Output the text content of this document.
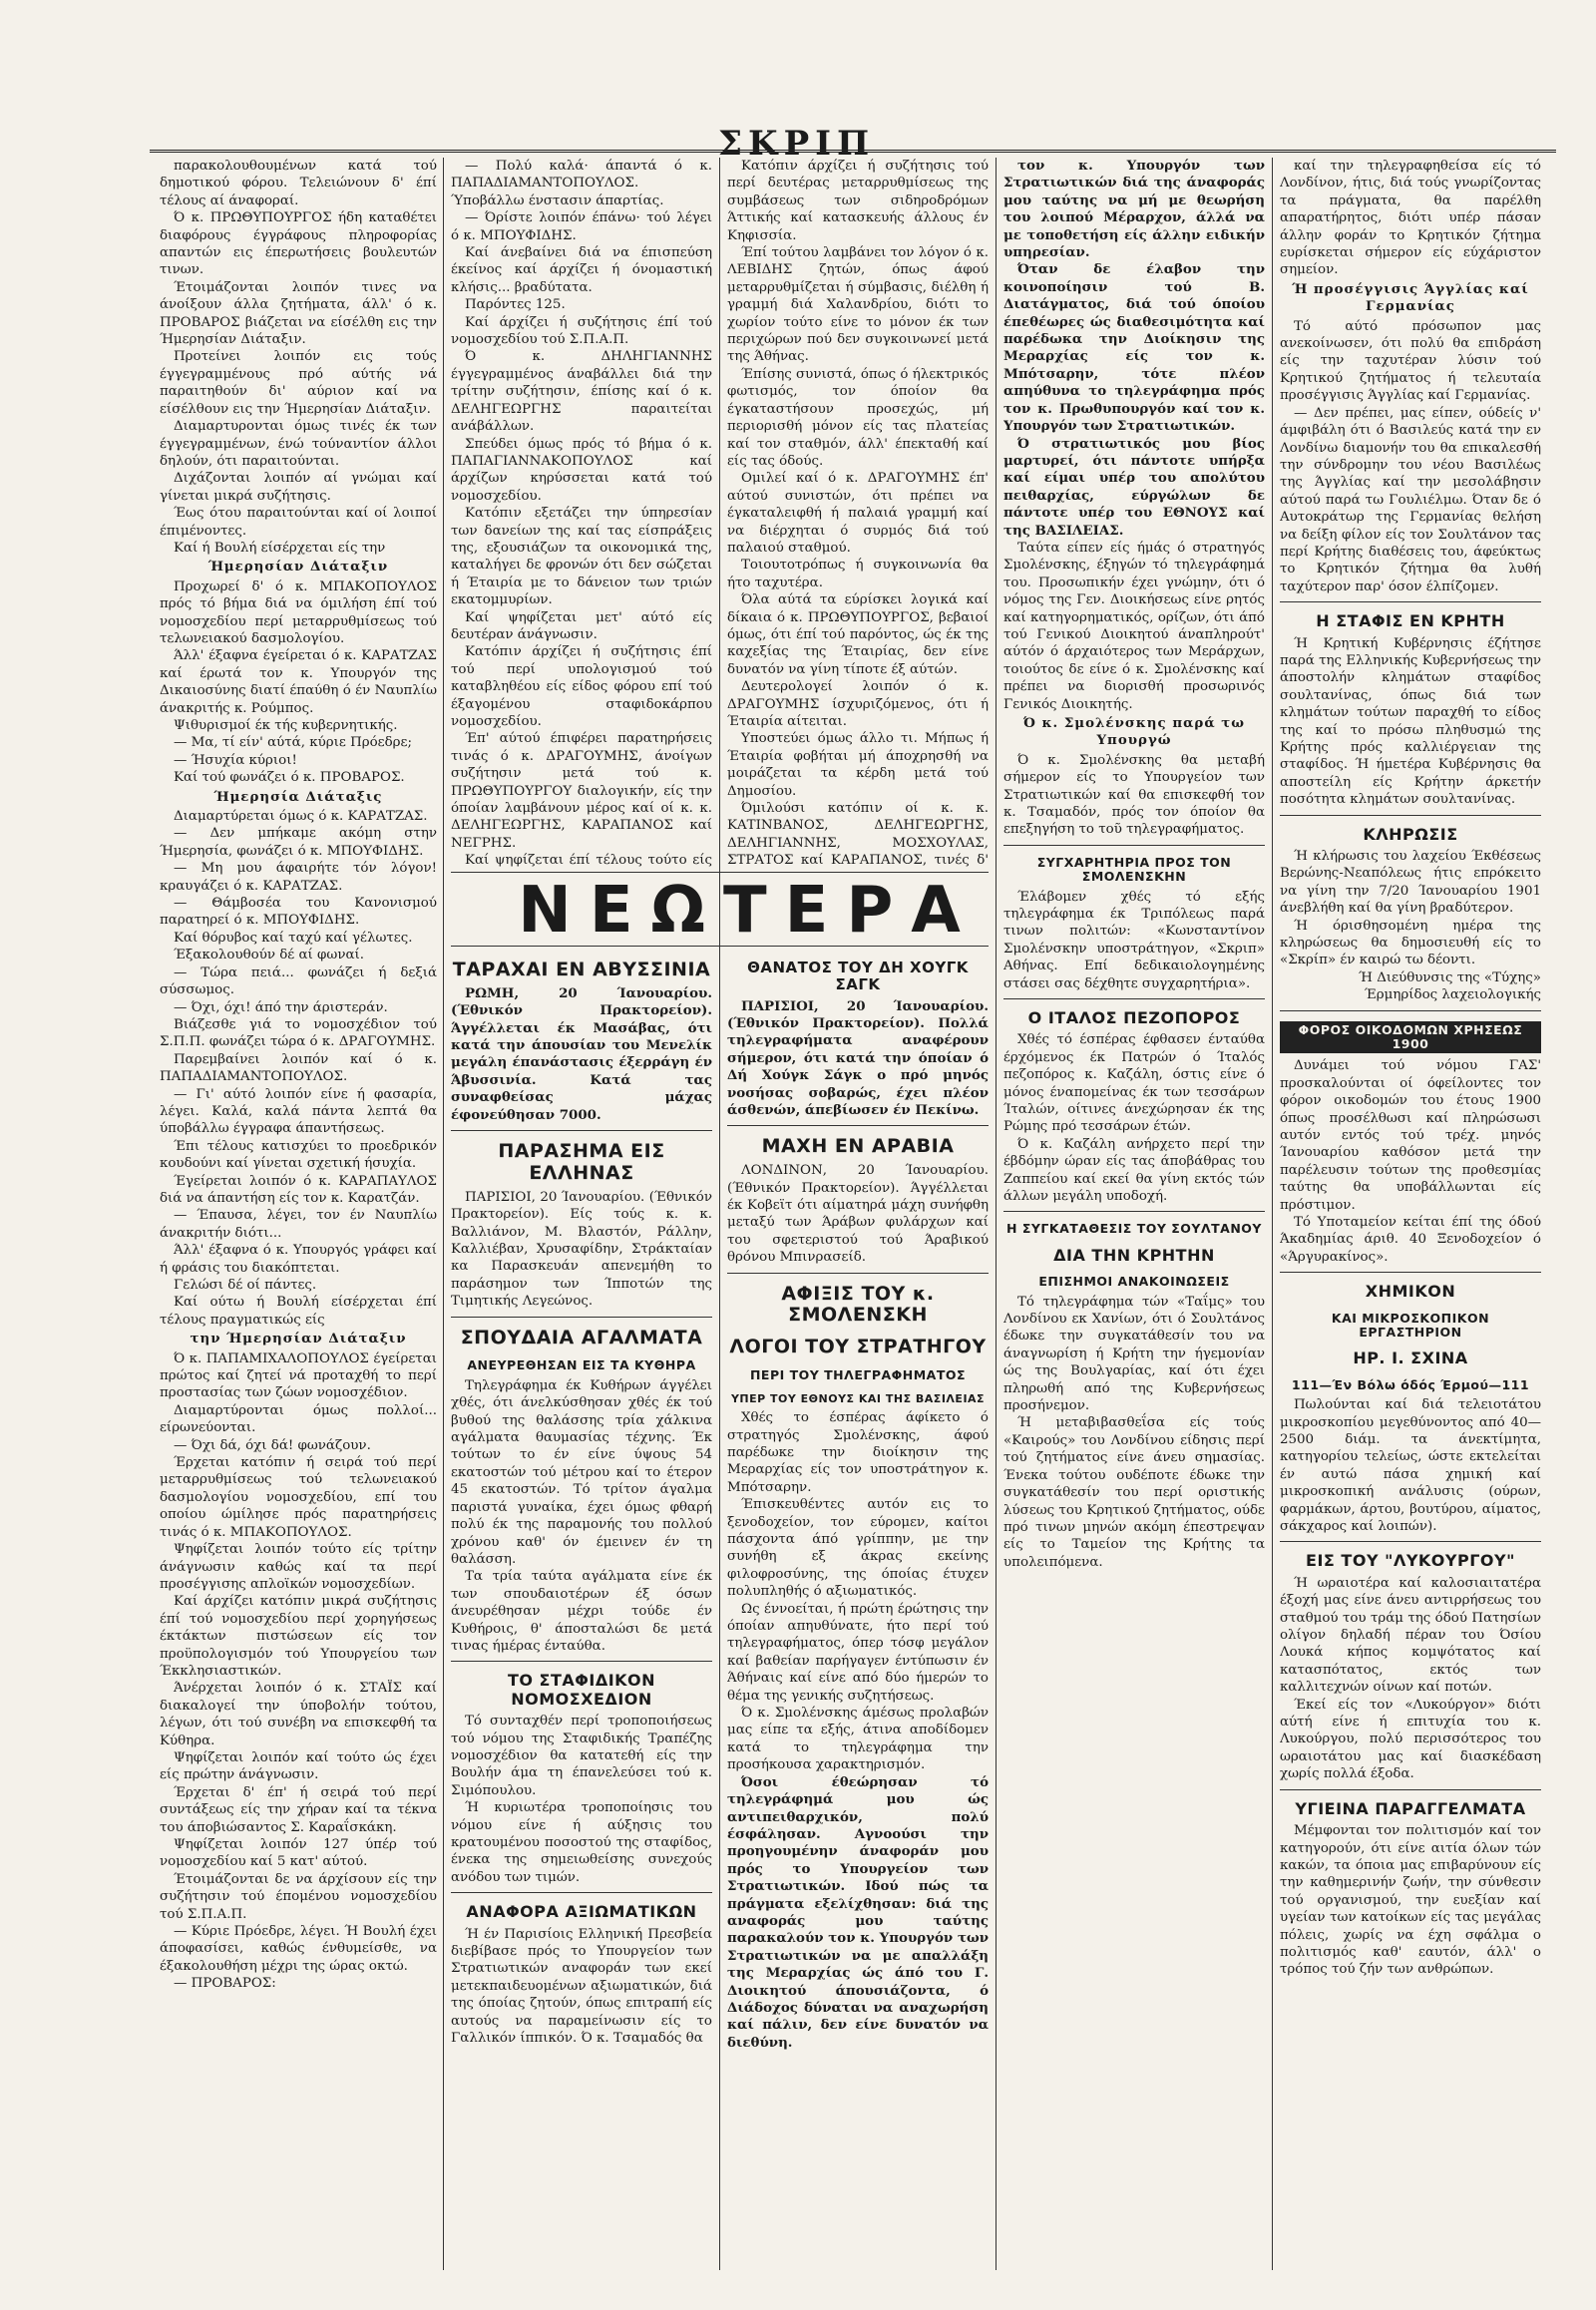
ΣΚΡΙΠ

παρακολουθουμένων κατά τού δημοτικού φόρου. Τελειώνουν δ' έπί τέλους αί άναφοραί.

Ό κ. ΠΡΩΘΥΠΟΥΡΓΟΣ ήδη καταθέτει διαφόρους έγγράφους πληροφορίας απαντών εις έπερωτήσεις βουλευτών τινων.

Έτοιμάζονται λοιπόν τινες να άνοίξουν άλλα ζητήματα, άλλ' ό κ. ΠΡΟΒΑΡΟΣ βιάζεται να είσέλθη εις την Ήμερησίαν Διάταξιν.

Προτείνει λοιπόν εις τούς έγγεγραμμένους πρό αύτής νά παραιτηθούν δι' αύριον καί να είσέλθουν εις την Ήμερησίαν Διάταξιν.

Διαμαρτυρονται όμως τινές έκ των έγγεγραμμένων, ένώ τούναντίον άλλοι δηλούν, ότι παραιτούνται.

Διχάζονται λοιπόν αί γνώμαι καί γίνεται μικρά συζήτησις.

Έως ότου παραιτούνται καί οί λοιποί έπιμένοντες.

Καί ή Βουλή είσέρχεται είς την

Ήμερησίαν Διάταξιν

Προχωρεί δ' ό κ. ΜΠΑΚΟΠΟΥΛΟΣ πρός τό βήμα διά να όμιλήση έπί τού νομοσχεδίου περί μεταρρυθμίσεως τού τελωνειακού δασμολογίου.

Άλλ' έξαφνα έγείρεται ό κ. ΚΑΡΑΤΖΑΣ καί έρωτά τον κ. Υπουργόν της Δικαιοσύνης διατί έπαύθη ό έν Ναυπλίω άνακριτής κ. Ρούμπος.

Ψιθυρισμοί έκ τής κυβερνητικής.

— Μα, τί είν' αύτά, κύριε Πρόεδρε;

— Ήσυχία κύριοι!

Καί τού φωνάζει ό κ. ΠΡΟΒΑΡΟΣ.

Ήμερησία Διάταξις

Διαμαρτύρεται όμως ό κ. ΚΑΡΑΤΖΑΣ.

— Δεν μπήκαμε ακόμη στην Ήμερησία, φωνάζει ό κ. ΜΠΟΥΦΙΔΗΣ.

— Μη μου άφαιρήτε τόν λόγον! κραυγάζει ό κ. ΚΑΡΑΤΖΑΣ.

— Θάμβοσέα του Κανονισμού παρατηρεί ό κ. ΜΠΟΥΦΙΔΗΣ.

Καί θόρυβος καί ταχύ καί γέλωτες.

Έξακολουθούν δέ αί φωναί.

— Τώρα πειά... φωνάζει ή δεξιά σύσσωμος.

— Όχι, όχι! άπό την άριστεράν.

Βιάζεσθε γιά το νομοσχέδιον τού Σ.Π.Π. φωνάζει τώρα ό κ. ΔΡΑΓΟΥΜΗΣ.

Παρεμβαίνει λοιπόν καί ό κ. ΠΑΠΑΔΙΑΜΑΝΤΟΠΟΥΛΟΣ.

— Γι' αύτό λοιπόν είνε ή φασαρία, λέγει. Καλά, καλά πάντα λεπτά θα ύποβάλλω έγγραφα άπαντήσεως.

Έπι τέλους κατισχύει το προεδρικόν κουδούνι καί γίνεται σχετική ήσυχία.

Έγείρεται λοιπόν ό κ. ΚΑΡΑΠΑΥΛΟΣ διά να άπαντήση είς τον κ. Καρατζάν.

— Έπαυσα, λέγει, τον έν Ναυπλίω άνακριτήν διότι...

Άλλ' έξαφνα ό κ. Υπουργός γράφει καί ή φράσις του διακόπτεται.

Γελώσι δέ οί πάντες.

Καί ούτω ή Βουλή είσέρχεται έπί τέλους πραγματικώς είς

την Ήμερησίαν Διάταξιν

Ό κ. ΠΑΠΑΜΙΧΑΛΟΠΟΥΛΟΣ έγείρεται πρώτος καί ζητεί νά προταχθή το περί προστασίας των ζώων νομοσχέδιον.

Διαμαρτύρονται όμως πολλοί... είρωνεύονται.

— Όχι δά, όχι δά! φωνάζουν.

Έρχεται κατόπιν ή σειρά τού περί μεταρρυθμίσεως τού τελωνειακού δασμολογίου νομοσχεδίου, επί του οποίου ώμίλησε πρός παρατηρήσεις τινάς ό κ. ΜΠΑΚΟΠΟΥΛΟΣ.

Ψηφίζεται λοιπόν τούτο είς τρίτην άνάγνωσιν καθώς καί τα περί προσέγγισης απλοϊκών νομοσχεδίων.

Καί άρχίζει κατόπιν μικρά συζήτησις έπί τού νομοσχεδίου περί χορηγήσεως έκτάκτων πιστώσεων είς τον προϋπολογισμόν τού Υπουργείου των Έκκλησιαστικών.

Άνέρχεται λοιπόν ό κ. ΣΤΑΪΣ καί διακαλογεί την ύποβολήν τούτου, λέγων, ότι τού συνέβη να επισκεφθή τα Κύθηρα.

Ψηφίζεται λοιπόν καί τούτο ώς έχει είς πρώτην άνάγνωσιν.

Έρχεται δ' έπ' ή σειρά τού περί συντάξεως είς την χήραν καί τα τέκνα του άποβιώσαντος Σ. Καραΐσκάκη.

Ψηφίζεται λοιπόν 127 ύπέρ τού νομοσχεδίου καί 5 κατ' αύτού.

Έτοιμάζονται δε να άρχίσουν είς την συζήτησιν τού έπομένου νομοσχεδίου τού Σ.Π.Α.Π.

— Κύριε Πρόεδρε, λέγει. Ή Βουλή έχει άποφασίσει, καθώς ένθυμείσθε, να έξακολουθήση μέχρι της ώρας οκτώ.

— ΠΡΟΒΑΡΟΣ:

— Πολύ καλά· άπαντά ό κ. ΠΑΠΑΔΙΑΜΑΝΤΟΠΟΥΛΟΣ. Ύποβάλλω ένστασιν άπαρτίας.

— Όρίστε λοιπόν έπάνω· τού λέγει ό κ. ΜΠΟΥΦΙΔΗΣ.

Καί άνεβαίνει διά να έπισπεύση έκείνος καί άρχίζει ή όνομαστική κλήσις... βραδύτατα.

Παρόντες 125.

Καί άρχίζει ή συζήτησις έπί τού νομοσχεδίου τού Σ.Π.Α.Π.

Ό κ. ΔΗΛΗΓΙΑΝΝΗΣ έγγεγραμμένος άναβάλλει διά την τρίτην συζήτησιν, έπίσης καί ό κ. ΔΕΛΗΓΕΩΡΓΗΣ παραιτείται ανάβάλλων.

Σπεύδει όμως πρός τό βήμα ό κ. ΠΑΠΑΓΙΑΝΝΑΚΟΠΟΥΛΟΣ καί άρχίζων κηρύσσεται κατά τού νομοσχεδίου.

Κατόπιν εξετάζει την ύπηρεσίαν των δανείων της καί τας είσπράξεις της, εξουσιάζων τα οικονομικά της, καταλήγει δε φρονών ότι δεν σώζεται ή Έταιρία με το δάνειον των τριών εκατομμυρίων.

Καί ψηφίζεται μετ' αύτό είς δευτέραν άνάγνωσιν.

Κατόπιν άρχίζει ή συζήτησις έπί τού περί υπολογισμού τού καταβληθέου είς είδος φόρου επί τού έξαγομένου σταφιδοκάρπου νομοσχεδίου.

Έπ' αύτού έπιφέρει παρατηρήσεις τινάς ό κ. ΔΡΑΓΟΥΜΗΣ, άνοίγων συζήτησιν μετά τού κ. ΠΡΩΘΥΠΟΥΡΓΟΥ διαλογικήν, είς την όποίαν λαμβάνουν μέρος καί οί κ. κ. ΔΕΛΗΓΕΩΡΓΗΣ, ΚΑΡΑΠΑΝΟΣ καί ΝΕΓΡΗΣ.

Καί ψηφίζεται έπί τέλους τούτο είς

Κατόπιν άρχίζει ή συζήτησις τού περί δευτέρας μεταρρυθμίσεως της συμβάσεως των σιδηροδρόμων Άττικής καί κατασκευής άλλους έν Κηφισσία.

Έπί τούτου λαμβάνει τον λόγον ό κ. ΛΕΒΙΔΗΣ ζητών, όπως άφού μεταρρυθμίζεται ή σύμβασις, διέλθη ή γραμμή διά Χαλανδρίου, διότι το χωρίον τούτο είνε το μόνον έκ των περιχώρων πού δεν συγκοινωνεί μετά της Άθήνας.

Έπίσης συνιστά, όπως ό ήλεκτρικός φωτισμός, τον όποίον θα έγκαταστήσουν προσεχώς, μή περιορισθή μόνον είς τας πλατείας καί τον σταθμόν, άλλ' έπεκταθή καί είς τας όδούς.

Ομιλεί καί ό κ. ΔΡΑΓΟΥΜΗΣ έπ' αύτού συνιστών, ότι πρέπει να έγκαταλειφθή ή παλαιά γραμμή καί να διέρχηται ό συρμός διά τού παλαιού σταθμού.

Τοιουτοτρόπως ή συγκοινωνία θα ήτο ταχυτέρα.

Όλα αύτά τα εύρίσκει λογικά καί δίκαια ό κ. ΠΡΩΘΥΠΟΥΡΓΟΣ, βεβαιοί όμως, ότι έπί τού παρόντος, ώς έκ της καχεξίας της Έταιρίας, δεν είνε δυνατόν να γίνη τίποτε έξ αύτών.

Δευτερολογεί λοιπόν ό κ. ΔΡΑΓΟΥΜΗΣ ίσχυριζόμενος, ότι ή Έταιρία αίτειται.

Υποστεύει όμως άλλο τι. Μήπως ή Έταιρία φοβήται μή άποχρησθή να μοιράζεται τα κέρδη μετά τού Δημοσίου.

Όμιλούσι κατόπιν οί κ. κ. ΚΑΤΙΝΒΑΝΟΣ, ΔΕΛΗΓΕΩΡΓΗΣ, ΔΕΛΗΓΙΑΝΝΗΣ, ΜΟΣΧΟΥΛΑΣ, ΣΤΡΑΤΟΣ καί ΚΑΡΑΠΑΝΟΣ, τινές δ'

ΝΕΩΤΕΡΑ
ΤΑΡΑΧΑΙ ΕΝ ΑΒΥΣΣΙΝΙΑ

ΡΩΜΗ, 20 Ίανουαρίου. (Έθνικόν Πρακτορείον). Άγγέλλεται έκ Μασάβας, ότι κατά την άπουσίαν του Μενελίκ μεγάλη έπανάστασις έξερράγη έν Άβυσσινία. Κατά τας συναφθείσας μάχας έφονεύθησαν 7000.

ΠΑΡΑΣΗΜΑ ΕΙΣ ΕΛΛΗΝΑΣ

ΠΑΡΙΣΙΟΙ, 20 Ίανουαρίου. (Έθνικόν Πρακτορείον). Είς τούς κ. κ. Βαλλιάνον, Μ. Βλαστόν, Ράλλην, Καλλιέβαν, Χρυσαφίδην, Στράκταίαν κα Παρασκευάν απενεμήθη το παράσημον των Ίπποτών της Τιμητικής Λεγεώνος.

ΣΠΟΥΔΑΙΑ ΑΓΑΛΜΑΤΑ
ΑΝΕΥΡΕΘΗΣΑΝ ΕΙΣ ΤΑ ΚΥΘΗΡΑ

Τηλεγράφημα έκ Κυθήρων άγγέλει χθές, ότι άνελκύσθησαν χθές έκ τού βυθού της θαλάσσης τρία χάλκινα αγάλματα θαυμασίας τέχνης. Έκ τούτων το έν είνε ύψους 54 εκατοστών τού μέτρου καί το έτερον 45 εκατοστών. Τό τρίτον άγαλμα παριστά γυναίκα, έχει όμως φθαρή πολύ έκ της παραμονής του πολλού χρόνου καθ' όν έμεινεν έν τη θαλάσση.

Τα τρία ταύτα αγάλματα είνε έκ των σπουδαιοτέρων έξ όσων άνευρέθησαν μέχρι τούδε έν Κυθήροις, θ' άποσταλώσι δε μετά τινας ήμέρας ένταύθα.

ΤΟ ΣΤΑΦΙΔΙΚΟΝ ΝΟΜΟΣΧΕΔΙΟΝ

Τό συνταχθέν περί τροποποιήσεως τού νόμου της Σταφιδικής Τραπέζης νομοσχέδιον θα κατατεθή είς την Βουλήν άμα τη έπανελεύσει τού κ. Σιμόπουλου.

Ή κυριωτέρα τροποποίησις του νόμου είνε ή αύξησις του κρατουμένου ποσοστού της σταφίδος, ένεκα της σημειωθείσης συνεχούς ανόδου των τιμών.

ΑΝΑΦΟΡΑ ΑΞΙΩΜΑΤΙΚΩΝ

Ή έν Παρισίοις Ελληνική Πρεσβεία διεβίβασε πρός το Υπουργείον των Στρατιωτικών αναφοράν των εκεί μετεκπαιδευομένων αξιωματικών, διά της όποίας ζητούν, όπως επιτραπή είς αυτούς να παραμείνωσιν είς το Γαλλικόν ίππικόν. Ό κ. Τσαμαδός θα

ΘΑΝΑΤΟΣ ΤΟΥ ΔΗ ΧΟΥΓΚ ΣΑΓΚ

ΠΑΡΙΣΙΟΙ, 20 Ίανουαρίου. (Έθνικόν Πρακτορείον). Πολλά τηλεγραφήματα αναφέρουν σήμερον, ότι κατά την όποίαν ό Δή Χούγκ Σάγκ ο πρό μηνός νοσήσας σοβαρώς, έχει πλέον άσθενών, άπεβίωσεν έν Πεκίνω.

ΜΑΧΗ ΕΝ ΑΡΑΒΙΑ

ΛΟΝΔΙΝΟΝ, 20 Ίανουαρίου. (Έθνικόν Πρακτορείον). Άγγέλλεται έκ Κοβεϊτ ότι αίματηρά μάχη συνήφθη μεταξύ των Άράβων φυλάρχων καί του σφετεριστού τού Άραβικού θρόνου Μπινρασείδ.

ΑΦΙΞΙΣ ΤΟΥ κ. ΣΜΟΛΕΝΣΚΗ
ΛΟΓΟΙ ΤΟΥ ΣΤΡΑΤΗΓΟΥ
ΠΕΡΙ ΤΟΥ ΤΗΛΕΓΡΑΦΗΜΑΤΟΣ
ΥΠΕΡ ΤΟΥ ΕΘΝΟΥΣ ΚΑΙ ΤΗΣ ΒΑΣΙΛΕΙΑΣ

Χθές το έσπέρας άφίκετο ό στρατηγός Σμολένσκης, άφού παρέδωκε την διοίκησιν της Μεραρχίας είς τον υποστράτηγον κ. Μπότσαρην.

Έπισκευθέντες αυτόν εις το ξενοδοχείον, τον εύρομεν, καίτοι πάσχοντα άπό γρίππην, με την συνήθη εξ άκρας εκείνης φιλοφροσύνης, της όποίας έτυχεν πολυπληθής ό αξιωματικός.

Ως έννοείται, ή πρώτη έρώτησις την όποίαν απηυθύνατε, ήτο περί τού τηλεγραφήματος, όπερ τόσφ μεγάλον καί βαθείαν παρήγαγεν έντύπωσιν έν Άθήναις καί είνε από δύο ήμερών το θέμα της γενικής συζητήσεως.

Ό κ. Σμολένσκης άμέσως προλαβών μας είπε τα εξής, άτινα αποδίδομεν κατά το τηλεγράφημα την προσήκουσα χαρακτηρισμόν.

Όσοι έθεώρησαν τό τηλεγράφημά μου ώς αντιπειθαρχικόν, πολύ έσφάλησαν. Αγνοούσι την προηγουμένην άναφοράν μου πρός το Υπουργείον των Στρατιωτικών. Ιδού πώς τα πράγματα εξελίχθησαν: διά της αναφοράς μου ταύτης παρακαλούν τον κ. Υπουργόν των Στρατιωτικών να με απαλλάξη της Μεραρχίας ώς άπό του Γ. Διοικητού άπουσιάζοντα, ό Διάδοχος δύναται να αναχωρήση καί πάλιν, δεν είνε δυνατόν να διεθύνη.

τον κ. Υπουργόν των Στρατιωτικών διά της άναφοράς μου ταύτης να μή με θεωρήση του λοιπού Μέραρχον, άλλά να με τοποθετήση είς άλλην ειδικήν υπηρεσίαν.

Όταν δε έλαβον την κοινοποίησιν τού Β. Διατάγματος, διά τού όποίου έπεθέωρες ώς διαθεσιμότητα καί παρέδωκα την Διοίκησιν της Μεραρχίας είς τον κ. Μπότσαρην, τότε πλέον απηύθυνα το τηλεγράφημα πρός τον κ. Πρωθυπουργόν καί τον κ. Υπουργόν των Στρατιωτικών.

Ό στρατιωτικός μου βίος μαρτυρεί, ότι πάντοτε υπήρξα καί είμαι υπέρ του απολύτου πειθαρχίας, εύργώλων δε πάντοτε υπέρ του ΕΘΝΟΥΣ καί της ΒΑΣΙΛΕΙΑΣ.

Ταύτα είπεν είς ήμάς ό στρατηγός Σμολένσκης, έξηγών τό τηλεγράφημά του. Προσωπικήν έχει γνώμην, ότι ό νόμος της Γεν. Διοικήσεως είνε ρητός καί κατηγορηματικός, ορίζων, ότι άπό τού Γενικού Διοικητού άναπληρούτ' αύτόν ό άρχαιότερος των Μεράρχων, τοιούτος δε είνε ό κ. Σμολένσκης καί πρέπει να διορισθή προσωρινός Γενικός Διοικητής.

Ό κ. Σμολένσκης παρά τω Υπουργώ

Ό κ. Σμολένσκης θα μεταβή σήμερον είς το Υπουργείον των Στρατιωτικών καί θα επισκεφθή τον κ. Τσαμαδόν, πρός τον όποίον θα επεξηγήση το τοῦ τηλεγραφήματος.

ΣΥΓΧΑΡΗΤΗΡΙΑ ΠΡΟΣ ΤΟΝ ΣΜΟΛΕΝΣΚΗΝ

Έλάβομεν χθές τό εξής τηλεγράφημα έκ Τριπόλεως παρά τινων πολιτών: «Κωνσταντίνον Σμολένσκην υποστράτηγον, «Σκριπ» Αθήνας. Επί δεδικαιολογημένης στάσει σας δέχθητε συγχαρητήρια».

Ο ΙΤΑΛΟΣ ΠΕΖΟΠΟΡΟΣ

Χθές τό έσπέρας έφθασεν ένταύθα έρχόμενος έκ Πατρών ό Ίταλός πεζοπόρος κ. Καζάλη, όστις είνε ό μόνος έναπομείνας έκ των τεσσάρων Ίταλών, οίτινες άνεχώρησαν έκ της Ρώμης πρό τεσσάρων έτών.

Ό κ. Καζάλη ανήρχετο περί την έβδόμην ώραν είς τας άποβάθρας του Ζαππείου καί εκεί θα γίνη εκτός τών άλλων μεγάλη υποδοχή.

Η ΣΥΓΚΑΤΑΘΕΣΙΣ ΤΟΥ ΣΟΥΛΤΑΝΟΥ
ΔΙΑ ΤΗΝ ΚΡΗΤΗΝ
ΕΠΙΣΗΜΟΙ ΑΝΑΚΟΙΝΩΣΕΙΣ

Τό τηλεγράφημα τών «Ταΐμς» του Λονδίνου εκ Χανίων, ότι ό Σουλτάνος έδωκε την συγκατάθεσίν του να άναγνωρίση ή Κρήτη την ήγεμονίαν ώς της Βουλγαρίας, καί ότι έχει πληρωθή από της Κυβερνήσεως προσήνεμον.

Ή μεταβιβασθεΐσα είς τούς «Καιρούς» του Λονδίνου είδησις περί τού ζητήματος είνε άνευ σημασίας. Ένεκα τούτου ουδέποτε έδωκε την συγκατάθεσίν του περί οριστικής λύσεως του Κρητικού ζητήματος, ούδε πρό τινων μηνών ακόμη έπεστρεψαν είς το Ταμείον της Κρήτης τα υπολειπόμενα.

καί την τηλεγραφηθείσα είς τό Λονδίνον, ήτις, διά τούς γνωρίζοντας τα πράγματα, θα παρέλθη απαρατήρητος, διότι υπέρ πάσαν άλλην φοράν το Κρητικόν ζήτημα ευρίσκεται σήμερον είς εύχάριστον σημείον.

Ή προσέγγισις Άγγλίας καί Γερμανίας

Τό αύτό πρόσωπον μας ανεκοίνωσεν, ότι πολύ θα επιδράση είς την ταχυτέραν λύσιν τού Κρητικού ζητήματος ή τελευταία προσέγγισις Άγγλίας καί Γερμανίας.

— Δεν πρέπει, μας είπεν, ούδείς ν' άμφιβάλη ότι ό Βασιλεύς κατά την εν Λονδίνω διαμονήν του θα επικαλεσθή την σύνδρομην του νέου Βασιλέως της Άγγλίας καί την μεσολάβησιν αύτού παρά τω Γουλιέλμω. Όταν δε ό Αυτοκράτωρ της Γερμανίας θελήση να δείξη φίλον είς τον Σουλτάνον τας περί Κρήτης διαθέσεις του, άφεύκτως το Κρητικόν ζήτημα θα λυθή ταχύτερον παρ' όσον έλπίζομεν.

Η ΣΤΑΦΙΣ ΕΝ ΚΡΗΤΗ

Ή Κρητική Κυβέρνησις έζήτησε παρά της Ελληνικής Κυβερνήσεως την άποστολήν κλημάτων σταφίδος σουλτανίνας, όπως διά των κλημάτων τούτων παραχθή το είδος της καί το πρόσω πληθυσμώ της Κρήτης πρός καλλιέργειαν της σταφίδος. Ή ήμετέρα Κυβέρνησις θα αποστείλη είς Κρήτην άρκετήν ποσότητα κλημάτων σουλτανίνας.

ΚΛΗΡΩΣΙΣ

Ή κλήρωσις του λαχείου Έκθέσεως Βερώνης-Νεαπόλεως ήτις επρόκειτο να γίνη την 7/20 Ίανουαρίου 1901 άνεβλήθη καί θα γίνη βραδύτερον.

Ή όρισθησομένη ημέρα της κληρώσεως θα δημοσιευθή είς το «Σκρίπ» έν καιρώ τω δέοντι.

Ή Διεύθυνσις της «Τύχης» Έρμηρίδος λαχειολογικής

ΦΟΡΟΣ ΟΙΚΟΔΟΜΩΝ ΧΡΗΣΕΩΣ 1900

Δυνάμει τού νόμου ΓΑΣ' προσκαλούνται οί όφείλοντες τον φόρον οικοδομών του έτους 1900 όπως προσέλθωσι καί πληρώσωσι αυτόν εντός τού τρέχ. μηνός Ίανουαρίου καθόσον μετά την παρέλευσιν τούτων της προθεσμίας ταύτης θα υποβάλλωνται είς πρόστιμον.

Τό Υποταμείον κείται έπί της όδού Άκαδημίας άριθ. 40 Ξενοδοχείον ό «Άργυρακίνος».

ΧΗΜΙΚΟΝ
ΚΑΙ ΜΙΚΡΟΣΚΟΠΙΚΟΝ ΕΡΓΑΣΤΗΡΙΟΝ
ΗΡ. Ι. ΣΧΙΝΑ
111—Έν Βόλω όδός Έρμού—111

Πωλούνται καί διά τελειοτάτου μικροσκοπίου μεγεθύνοντος από 40—2500 διάμ. τα άνεκτίμητα, κατηγορίου τελείως, ώστε εκτελείται έν αυτώ πάσα χημική καί μικροσκοπική ανάλυσις (ούρων, φαρμάκων, άρτου, βουτύρου, αίματος, σάκχαρος καί λοιπών).

ΕΙΣ ΤΟΥ "ΛΥΚΟΥΡΓΟΥ"

Ή ωραιοτέρα καί καλοσιαιτατέρα έξοχή μας είνε άνευ αντιρρήσεως του σταθμού του τράμ της όδού Πατησίων ολίγον δηλαδή πέραν του Όσίου Λουκά κήπος κομψότατος καί κατασπότατος, εκτός των καλλιτεχνών οίνων καί ποτών.

Έκεί είς τον «Λυκούργον» διότι αύτή είνε ή επιτυχία του κ. Λυκούργου, πολύ περισσότερος του ωραιοτάτου μας καί διασκέδαση χωρίς πολλά έξοδα.

ΥΓΙΕΙΝΑ ΠΑΡΑΓΓΕΛΜΑΤΑ

Μέμφονται τον πολιτισμόν καί τον κατηγορούν, ότι είνε αιτία όλων τών κακών, τα όποια μας επιβαρύνουν είς την καθημερινήν ζωήν, την σύνθεσιν τού οργανισμού, την ευεξίαν καί υγείαν των κατοίκων είς τας μεγάλας πόλεις, χωρίς να έχη σφάλμα ο πολιτισμός καθ' εαυτόν, άλλ' ο τρόπος τού ζήν των ανθρώπων.
